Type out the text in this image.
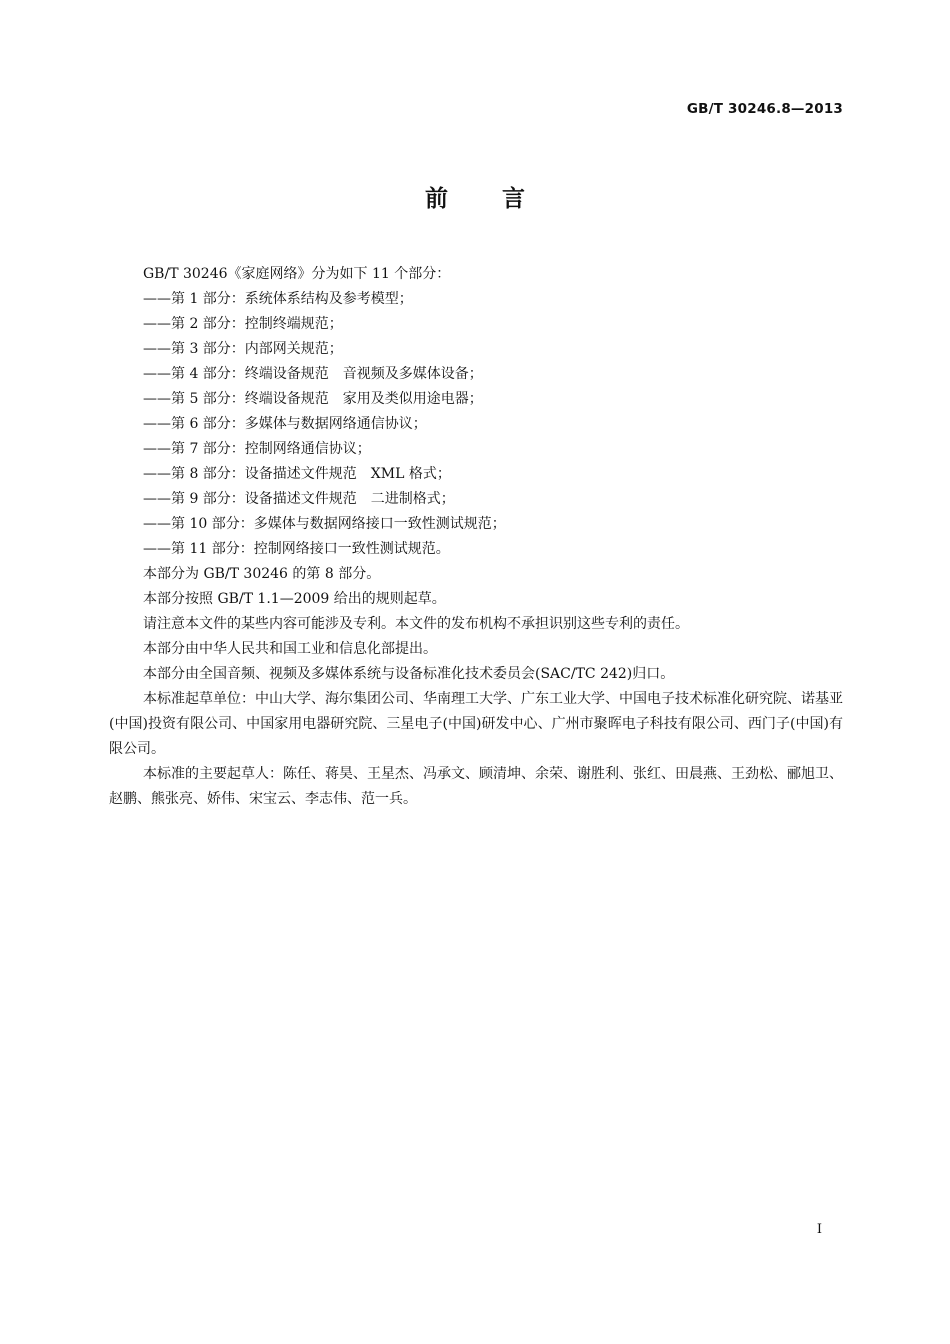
GB/T 30246.8—2013
前言
GB/T 30246《家庭网络》分为如下 11 个部分：
——第 1 部分：系统体系结构及参考模型；
——第 2 部分：控制终端规范；
——第 3 部分：内部网关规范；
——第 4 部分：终端设备规范　音视频及多媒体设备；
——第 5 部分：终端设备规范　家用及类似用途电器；
——第 6 部分：多媒体与数据网络通信协议；
——第 7 部分：控制网络通信协议；
——第 8 部分：设备描述文件规范　XML 格式；
——第 9 部分：设备描述文件规范　二进制格式；
——第 10 部分：多媒体与数据网络接口一致性测试规范；
——第 11 部分：控制网络接口一致性测试规范。
本部分为 GB/T 30246 的第 8 部分。
本部分按照 GB/T 1.1—2009 给出的规则起草。
请注意本文件的某些内容可能涉及专利。本文件的发布机构不承担识别这些专利的责任。
本部分由中华人民共和国工业和信息化部提出。
本部分由全国音频、视频及多媒体系统与设备标准化技术委员会(SAC/TC 242)归口。
本标准起草单位：中山大学、海尔集团公司、华南理工大学、广东工业大学、中国电子技术标准化研究院、诺基亚(中国)投资有限公司、中国家用电器研究院、三星电子(中国)研发中心、广州市聚晖电子科技有限公司、西门子(中国)有限公司。
本标准的主要起草人：陈任、蒋昊、王星杰、冯承文、顾清坤、余荣、谢胜利、张红、田晨燕、王劲松、郦旭卫、赵鹏、熊张亮、娇伟、宋宝云、李志伟、范一兵。
I
